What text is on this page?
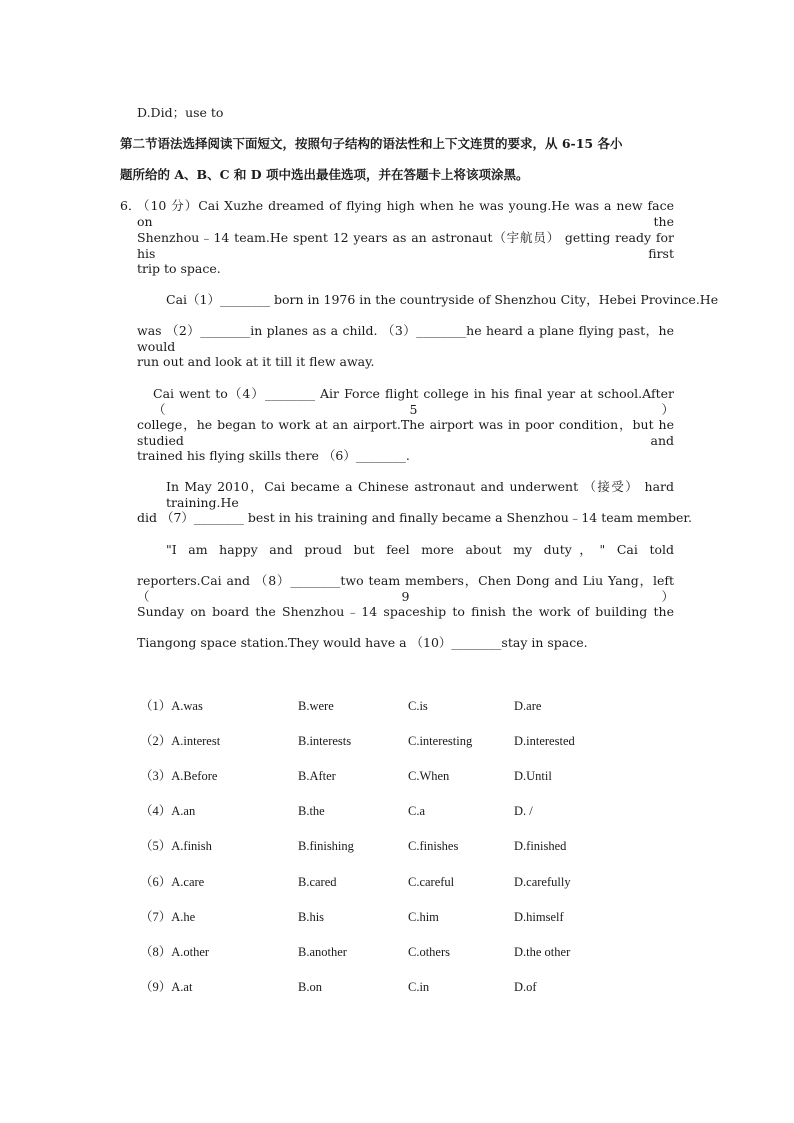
D.Did；use to
第二节语法选择阅读下面短文，按照句子结构的语法性和上下文连贯的要求，从 6-15 各小
题所给的 A、B、C 和 D 项中选出最佳选项，并在答题卡上将该项涂黑。
6．
（10 分）Cai Xuzhe dreamed of flying high when he was young.He was a new face on the
Shenzhou﹣14 team.He spent 12 years as an astronaut（宇航员） getting ready for his first
trip to space.
Cai（1）________ born in 1976 in the countryside of Shenzhou City，Hebei Province.He
was （2）________in planes as a child. （3）________he heard a plane flying past，he would
run out and look at it till it flew away.
Cai went to（4）________ Air Force flight college in his final year at school.After（5）
college，he began to work at an airport.The airport was in poor condition，but he studied and
trained his flying skills there （6）________.
In May 2010，Cai became a Chinese astronaut and underwent （接受） hard training.He
did （7）________ best in his training and finally became a Shenzhou﹣14 team member.
"I am happy and proud but feel more about my duty，" Cai told
reporters.Cai and （8）________two team members，Chen Dong and Liu Yang，left（9）
Sunday on board the Shenzhou﹣14 spaceship to finish the work of building the
Tiangong space station.They would have a （10）________stay in space.
（1）A.was	B.were	C.is	D.are
（2）A.interest	B.interests	C.interesting	D.interested
（3）A.Before	B.After	C.When	D.Until
（4）A.an	B.the	C.a	D. /
（5）A.finish	B.finishing	C.finishes	D.finished
（6）A.care	B.cared	C.careful	D.carefully
（7）A.he	B.his	C.him	D.himself
（8）A.other	B.another	C.others	D.the other
（9）A.at	B.on	C.in	D.of
